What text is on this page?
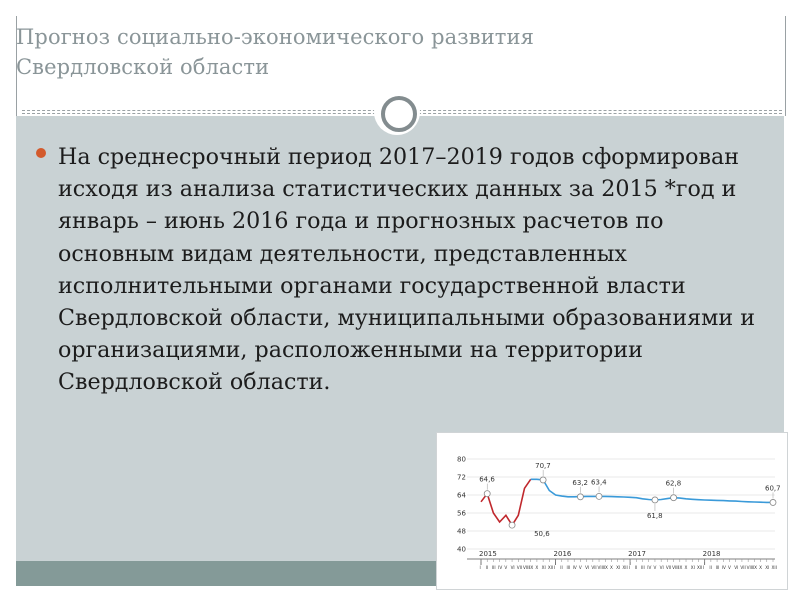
Прогноз социально-экономического развития
Свердловской области
На среднесрочный период 2017–2019 годов сформирован исходя из анализа статистических данных за 2015 *год и январь – июнь 2016 года и прогнозных расчетов по основным видам деятельности, представленных исполнительными органами государственной власти Свердловской области, муниципальными образованиями и организациями, расположенными на территории Свердловской области.
80
72
64
56
48
40
2015	2016	2017	2018
I II III IV V VI VII VIII IX X XI XII I II III IV V VI VII VIII IX X XI XII I II III IV V VI VII VIII IX X XI XII I II III IV V VI VII VIII IX X XI XII
64,6
50,6
70,7
63,2 63,4
61,8
62,8
60,7
